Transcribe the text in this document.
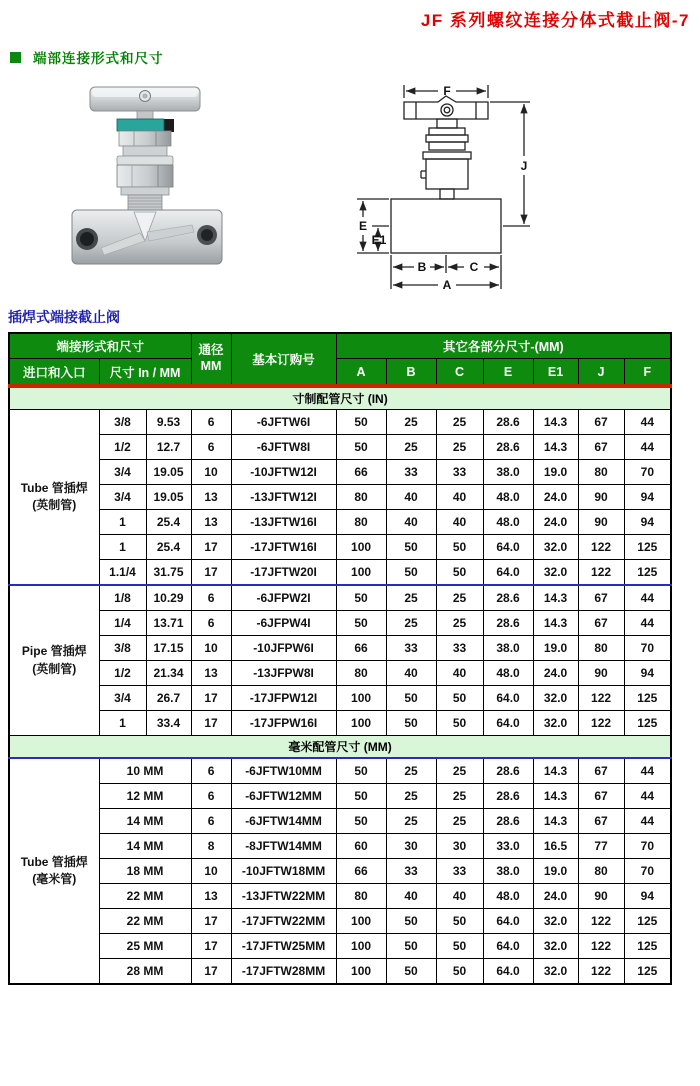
JF 系列螺纹连接分体式截止阀-7
端部连接形式和尺寸
F
J
E
E1
B	C
A
插焊式端接截止阀
端接形式和尺寸			通径
MM	基本订购号	其它各部分尺寸-(MM)						
进口和入口	尺寸 In / MM				A	B	C	E	E1	J	F
寸制配管尺寸 (IN)											

Tube 管插焊
(英制管)	3/8	9.53	6	-6JFTW6I	50	25	25	28.6	14.3	67	44
	1/2	12.7	6	-6JFTW8I	50	25	25	28.6	14.3	67	44
	3/4	19.05	10	-10JFTW12I	66	33	33	38.0	19.0	80	70
	3/4	19.05	13	-13JFTW12I	80	40	40	48.0	24.0	90	94
	1	25.4	13	-13JFTW16I	80	40	40	48.0	24.0	90	94
	1	25.4	17	-17JFTW16I	100	50	50	64.0	32.0	122	125
	1.1/4	31.75	17	-17JFTW20I	100	50	50	64.0	32.0	122	125

Pipe 管插焊
(英制管)	1/8	10.29	6	-6JFPW2I	50	25	25	28.6	14.3	67	44
	1/4	13.71	6	-6JFPW4I	50	25	25	28.6	14.3	67	44
	3/8	17.15	10	-10JFPW6I	66	33	33	38.0	19.0	80	70
	1/2	21.34	13	-13JFPW8I	80	40	40	48.0	24.0	90	94
	3/4	26.7	17	-17JFPW12I	100	50	50	64.0	32.0	122	125
	1	33.4	17	-17JFPW16I	100	50	50	64.0	32.0	122	125
毫米配管尺寸 (MM)											

Tube 管插焊
(毫米管)	10 MM		6	-6JFTW10MM	50	25	25	28.6	14.3	67	44
	12 MM		6	-6JFTW12MM	50	25	25	28.6	14.3	67	44
	14 MM		6	-6JFTW14MM	50	25	25	28.6	14.3	67	44
	14 MM		8	-8JFTW14MM	60	30	30	33.0	16.5	77	70
	18 MM		10	-10JFTW18MM	66	33	33	38.0	19.0	80	70
	22 MM		13	-13JFTW22MM	80	40	40	48.0	24.0	90	94
	22 MM		17	-17JFTW22MM	100	50	50	64.0	32.0	122	125
	25 MM		17	-17JFTW25MM	100	50	50	64.0	32.0	122	125
	28 MM		17	-17JFTW28MM	100	50	50	64.0	32.0	122	125
